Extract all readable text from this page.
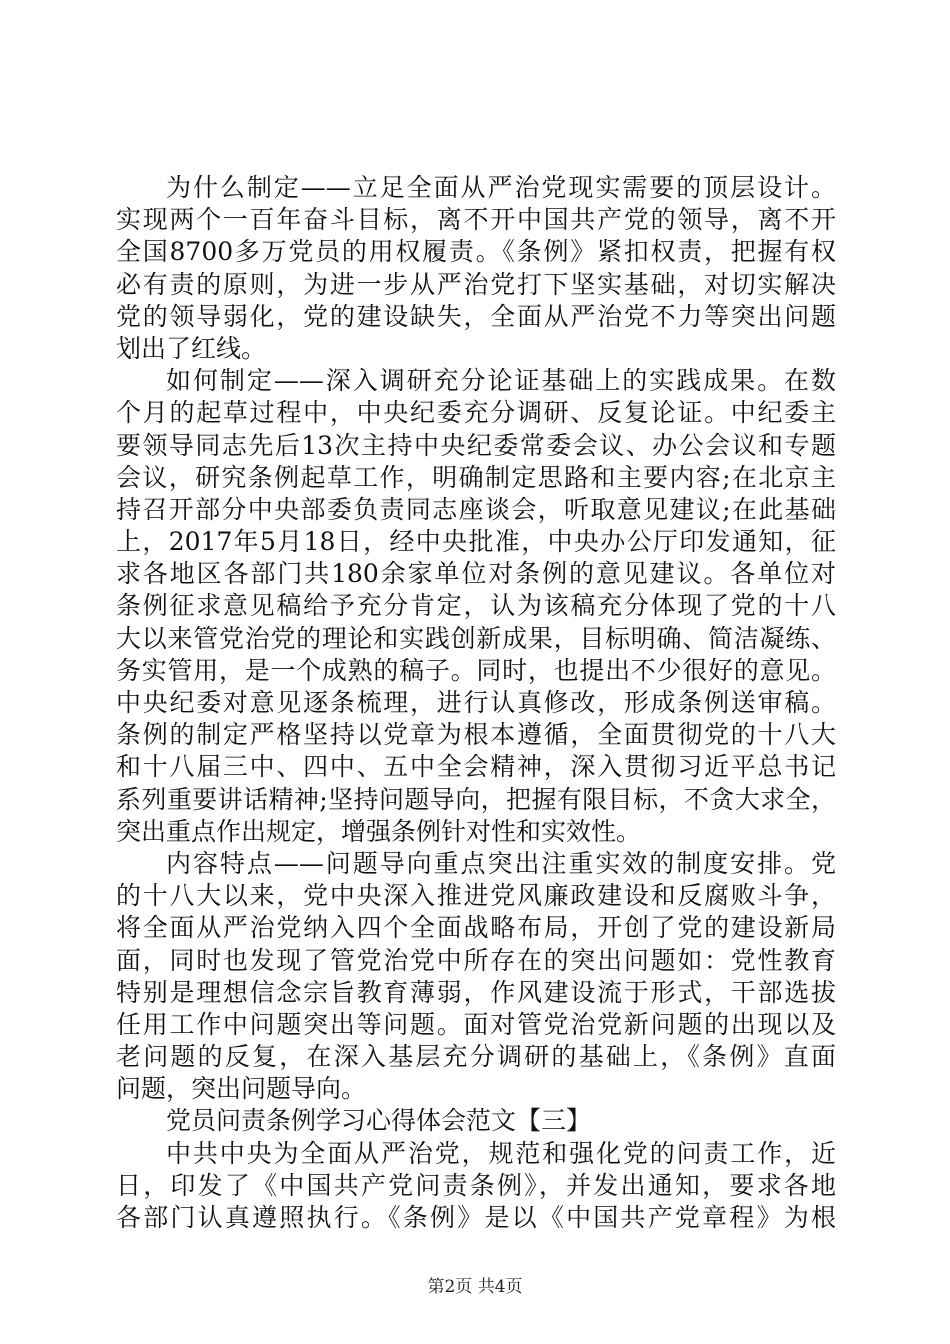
为什么制定——立足全面从严治党现实需要的顶层设计。
实现两个一百年奋斗目标，离不开中国共产党的领导，离不开
全国8700多万党员的用权履责。《条例》紧扣权责，把握有权
必有责的原则，为进一步从严治党打下坚实基础，对切实解决
党的领导弱化，党的建设缺失，全面从严治党不力等突出问题
划出了红线。
如何制定——深入调研充分论证基础上的实践成果。在数
个月的起草过程中，中央纪委充分调研、反复论证。中纪委主
要领导同志先后13次主持中央纪委常委会议、办公会议和专题
会议，研究条例起草工作，明确制定思路和主要内容;在北京主
持召开部分中央部委负责同志座谈会，听取意见建议;在此基础
上，2017年5月18日，经中央批准，中央办公厅印发通知，征
求各地区各部门共180余家单位对条例的意见建议。各单位对
条例征求意见稿给予充分肯定，认为该稿充分体现了党的十八
大以来管党治党的理论和实践创新成果，目标明确、简洁凝练、
务实管用，是一个成熟的稿子。同时，也提出不少很好的意见。
中央纪委对意见逐条梳理，进行认真修改，形成条例送审稿。
条例的制定严格坚持以党章为根本遵循，全面贯彻党的十八大
和十八届三中、四中、五中全会精神，深入贯彻习近平总书记
系列重要讲话精神;坚持问题导向，把握有限目标，不贪大求全，
突出重点作出规定，增强条例针对性和实效性。
内容特点——问题导向重点突出注重实效的制度安排。党
的十八大以来，党中央深入推进党风廉政建设和反腐败斗争，
将全面从严治党纳入四个全面战略布局，开创了党的建设新局
面，同时也发现了管党治党中所存在的突出问题如：党性教育
特别是理想信念宗旨教育薄弱，作风建设流于形式，干部选拔
任用工作中问题突出等问题。面对管党治党新问题的出现以及
老问题的反复，在深入基层充分调研的基础上，《条例》直面
问题，突出问题导向。
党员问责条例学习心得体会范文【三】
中共中央为全面从严治党，规范和强化党的问责工作，近
日，印发了《中国共产党问责条例》，并发出通知，要求各地
各部门认真遵照执行。《条例》是以《中国共产党章程》为根
第2页 共4页
